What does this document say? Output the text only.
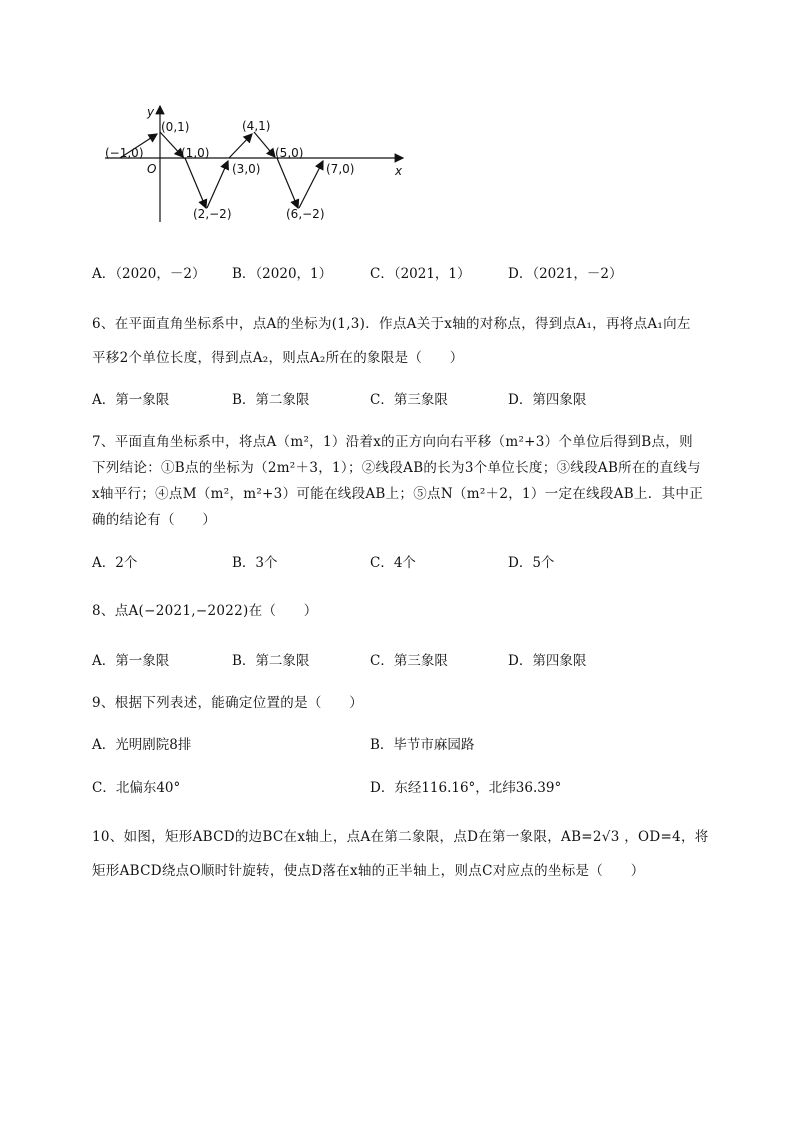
y
x
O
(−1,0)
(0,1)
(1,0)
(2,−2)
(3,0)
(4,1)
(5,0)
(6,−2)
(7,0)
A．（2020，－2） B．（2020，1）	C．（2021，1）	D．（2021，－2）
6、在平面直角坐标系中，点A的坐标为(1,3)．作点A关于x轴的对称点，得到点A₁，再将点A₁向左
平移2个单位长度，得到点A₂，则点A₂所在的象限是（　　）
A．第一象限	B．第二象限	C．第三象限	D．第四象限
7、平面直角坐标系中，将点A（m²，1）沿着x的正方向向右平移（m²+3）个单位后得到B点，则
下列结论：①B点的坐标为（2m²＋3，1）；②线段AB的长为3个单位长度；③线段AB所在的直线与
x轴平行；④点M（m²，m²+3）可能在线段AB上；⑤点N（m²＋2，1）一定在线段AB上．其中正
确的结论有（　　）
A．2个	B．3个	C．4个	D．5个
8、点A(−2021,−2022)在（　　）
A．第一象限	B．第二象限	C．第三象限	D．第四象限
9、根据下列表述，能确定位置的是（　　）
A．光明剧院8排	B．毕节市麻园路
C．北偏东40°	D．东经116.16°，北纬36.39°
10、如图，矩形ABCD的边BC在x轴上，点A在第二象限，点D在第一象限，AB=2√3 ，OD=4，将
矩形ABCD绕点O顺时针旋转，使点D落在x轴的正半轴上，则点C对应点的坐标是（　　）
